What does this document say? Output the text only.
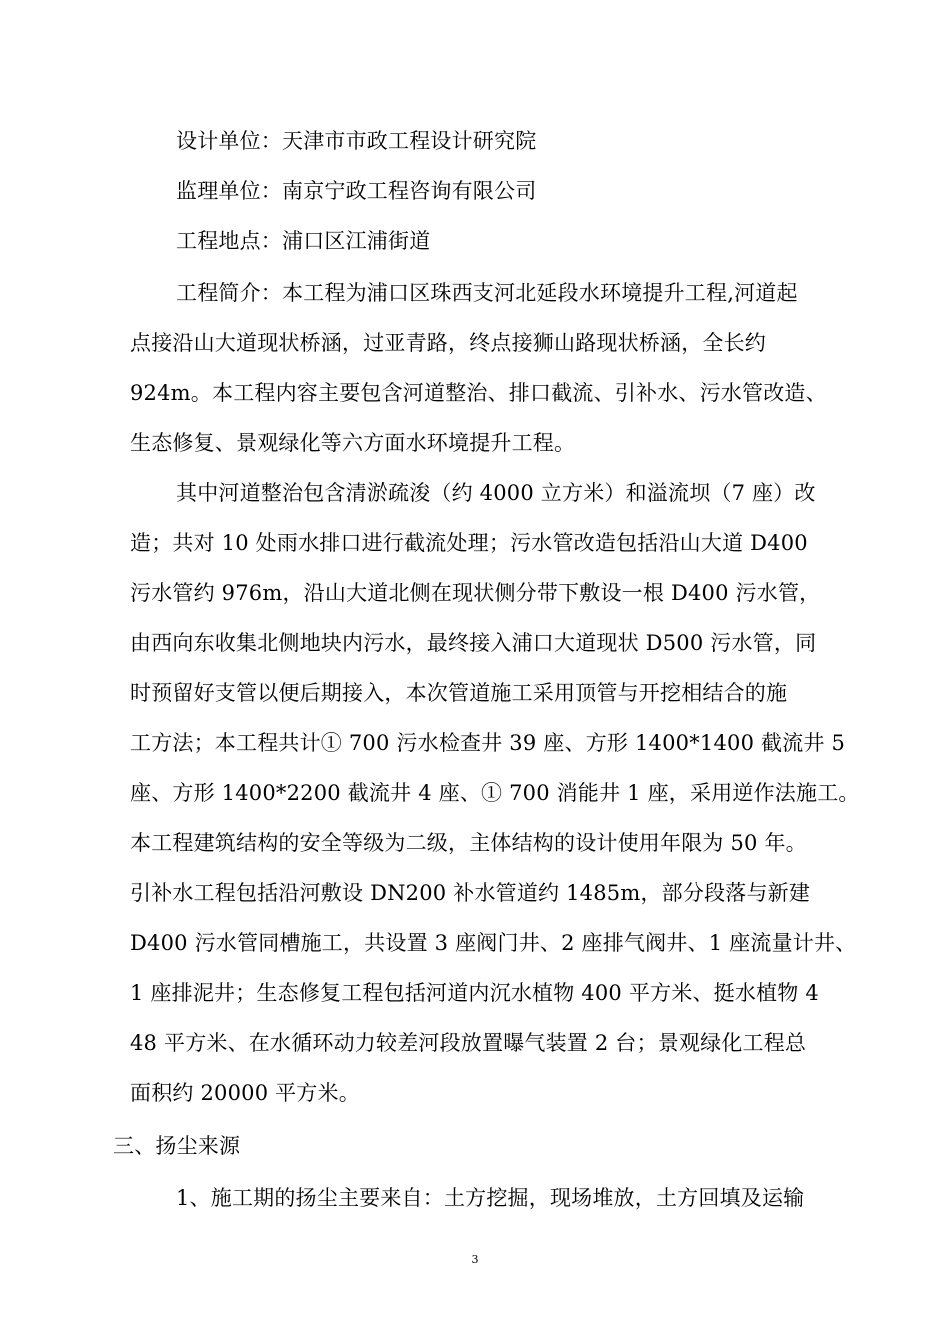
设计单位：天津市市政工程设计研究院
监理单位：南京宁政工程咨询有限公司
工程地点：浦口区江浦街道
工程简介：本工程为浦口区珠西支河北延段水环境提升工程,河道起
点接沿山大道现状桥涵，过亚青路，终点接狮山路现状桥涵，全长约
924m。本工程内容主要包含河道整治、排口截流、引补水、污水管改造、
生态修复、景观绿化等六方面水环境提升工程。
其中河道整治包含清淤疏浚（约 4000 立方米）和溢流坝（7 座）改
造；共对 10 处雨水排口进行截流处理；污水管改造包括沿山大道 D400
污水管约 976m，沿山大道北侧在现状侧分带下敷设一根 D400 污水管，
由西向东收集北侧地块内污水，最终接入浦口大道现状 D500 污水管，同
时预留好支管以便后期接入，本次管道施工采用顶管与开挖相结合的施
工方法；本工程共计① 700 污水检查井 39 座、方形 1400*1400 截流井 5
座、方形 1400*2200 截流井 4 座、① 700 消能井 1 座，采用逆作法施工。
本工程建筑结构的安全等级为二级，主体结构的设计使用年限为 50 年。
引补水工程包括沿河敷设 DN200 补水管道约 1485m，部分段落与新建
D400 污水管同槽施工，共设置 3 座阀门井、2 座排气阀井、1 座流量计井、
1 座排泥井；生态修复工程包括河道内沉水植物 400 平方米、挺水植物 4
48 平方米、在水循环动力较差河段放置曝气装置 2 台；景观绿化工程总
面积约 20000 平方米。
三、扬尘来源
1、施工期的扬尘主要来自：土方挖掘，现场堆放，土方回填及运输
3
